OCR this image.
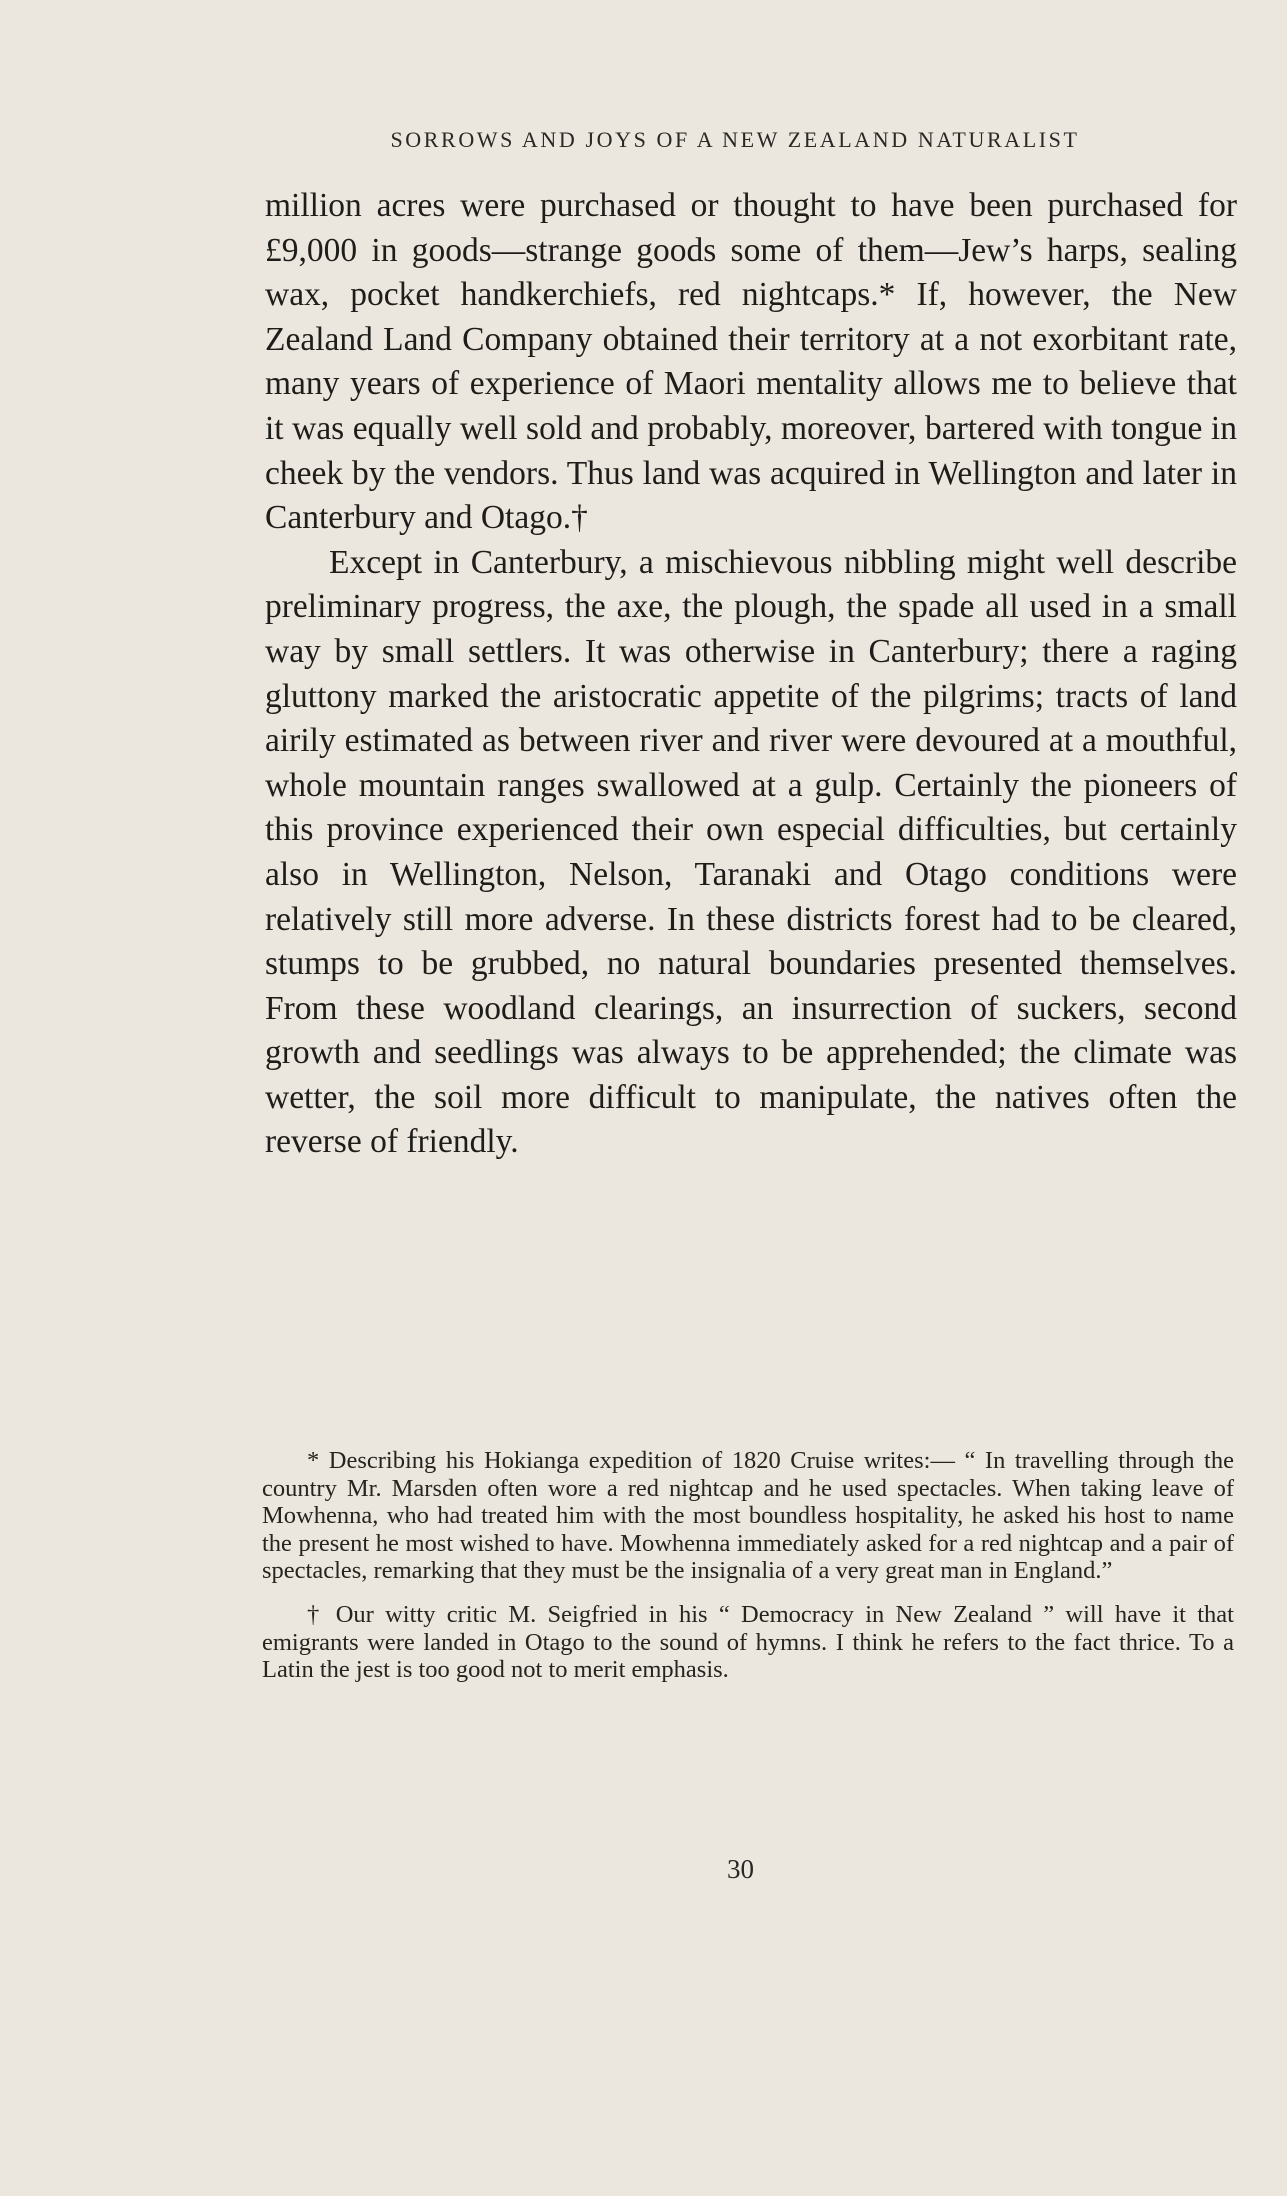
SORROWS AND JOYS OF A NEW ZEALAND NATURALIST

million acres were purchased or thought to have been purchased for £9,000 in goods—strange goods some of them—Jew’s harps, sealing wax, pocket handkerchiefs, red nightcaps.* If, however, the New Zealand Land Company obtained their territory at a not exorbitant rate, many years of experience of Maori mentality allows me to believe that it was equally well sold and probably, moreover, bartered with tongue in cheek by the vendors. Thus land was acquired in Wellington and later in Canterbury and Otago.†

Except in Canterbury, a mischievous nibbling might well describe preliminary progress, the axe, the plough, the spade all used in a small way by small settlers. It was otherwise in Canterbury; there a raging gluttony marked the aristocratic appetite of the pilgrims; tracts of land airily estimated as between river and river were devoured at a mouthful, whole mountain ranges swallowed at a gulp. Certainly the pioneers of this province experienced their own especial difficulties, but certainly also in Wellington, Nelson, Taranaki and Otago conditions were relatively still more adverse. In these districts forest had to be cleared, stumps to be grubbed, no natural boundaries presented themselves. From these woodland clearings, an insurrection of suckers, second growth and seedlings was always to be apprehended; the climate was wetter, the soil more difficult to manipulate, the natives often the reverse of friendly.

* Describing his Hokianga expedition of 1820 Cruise writes:— “ In travelling through the country Mr. Marsden often wore a red nightcap and he used spectacles. When taking leave of Mowhenna, who had treated him with the most boundless hospitality, he asked his host to name the present he most wished to have. Mowhenna immediately asked for a red nightcap and a pair of spectacles, remarking that they must be the insignalia of a very great man in England.”

† Our witty critic M. Seigfried in his “ Democracy in New Zealand ” will have it that emigrants were landed in Otago to the sound of hymns. I think he refers to the fact thrice. To a Latin the jest is too good not to merit emphasis.

30
